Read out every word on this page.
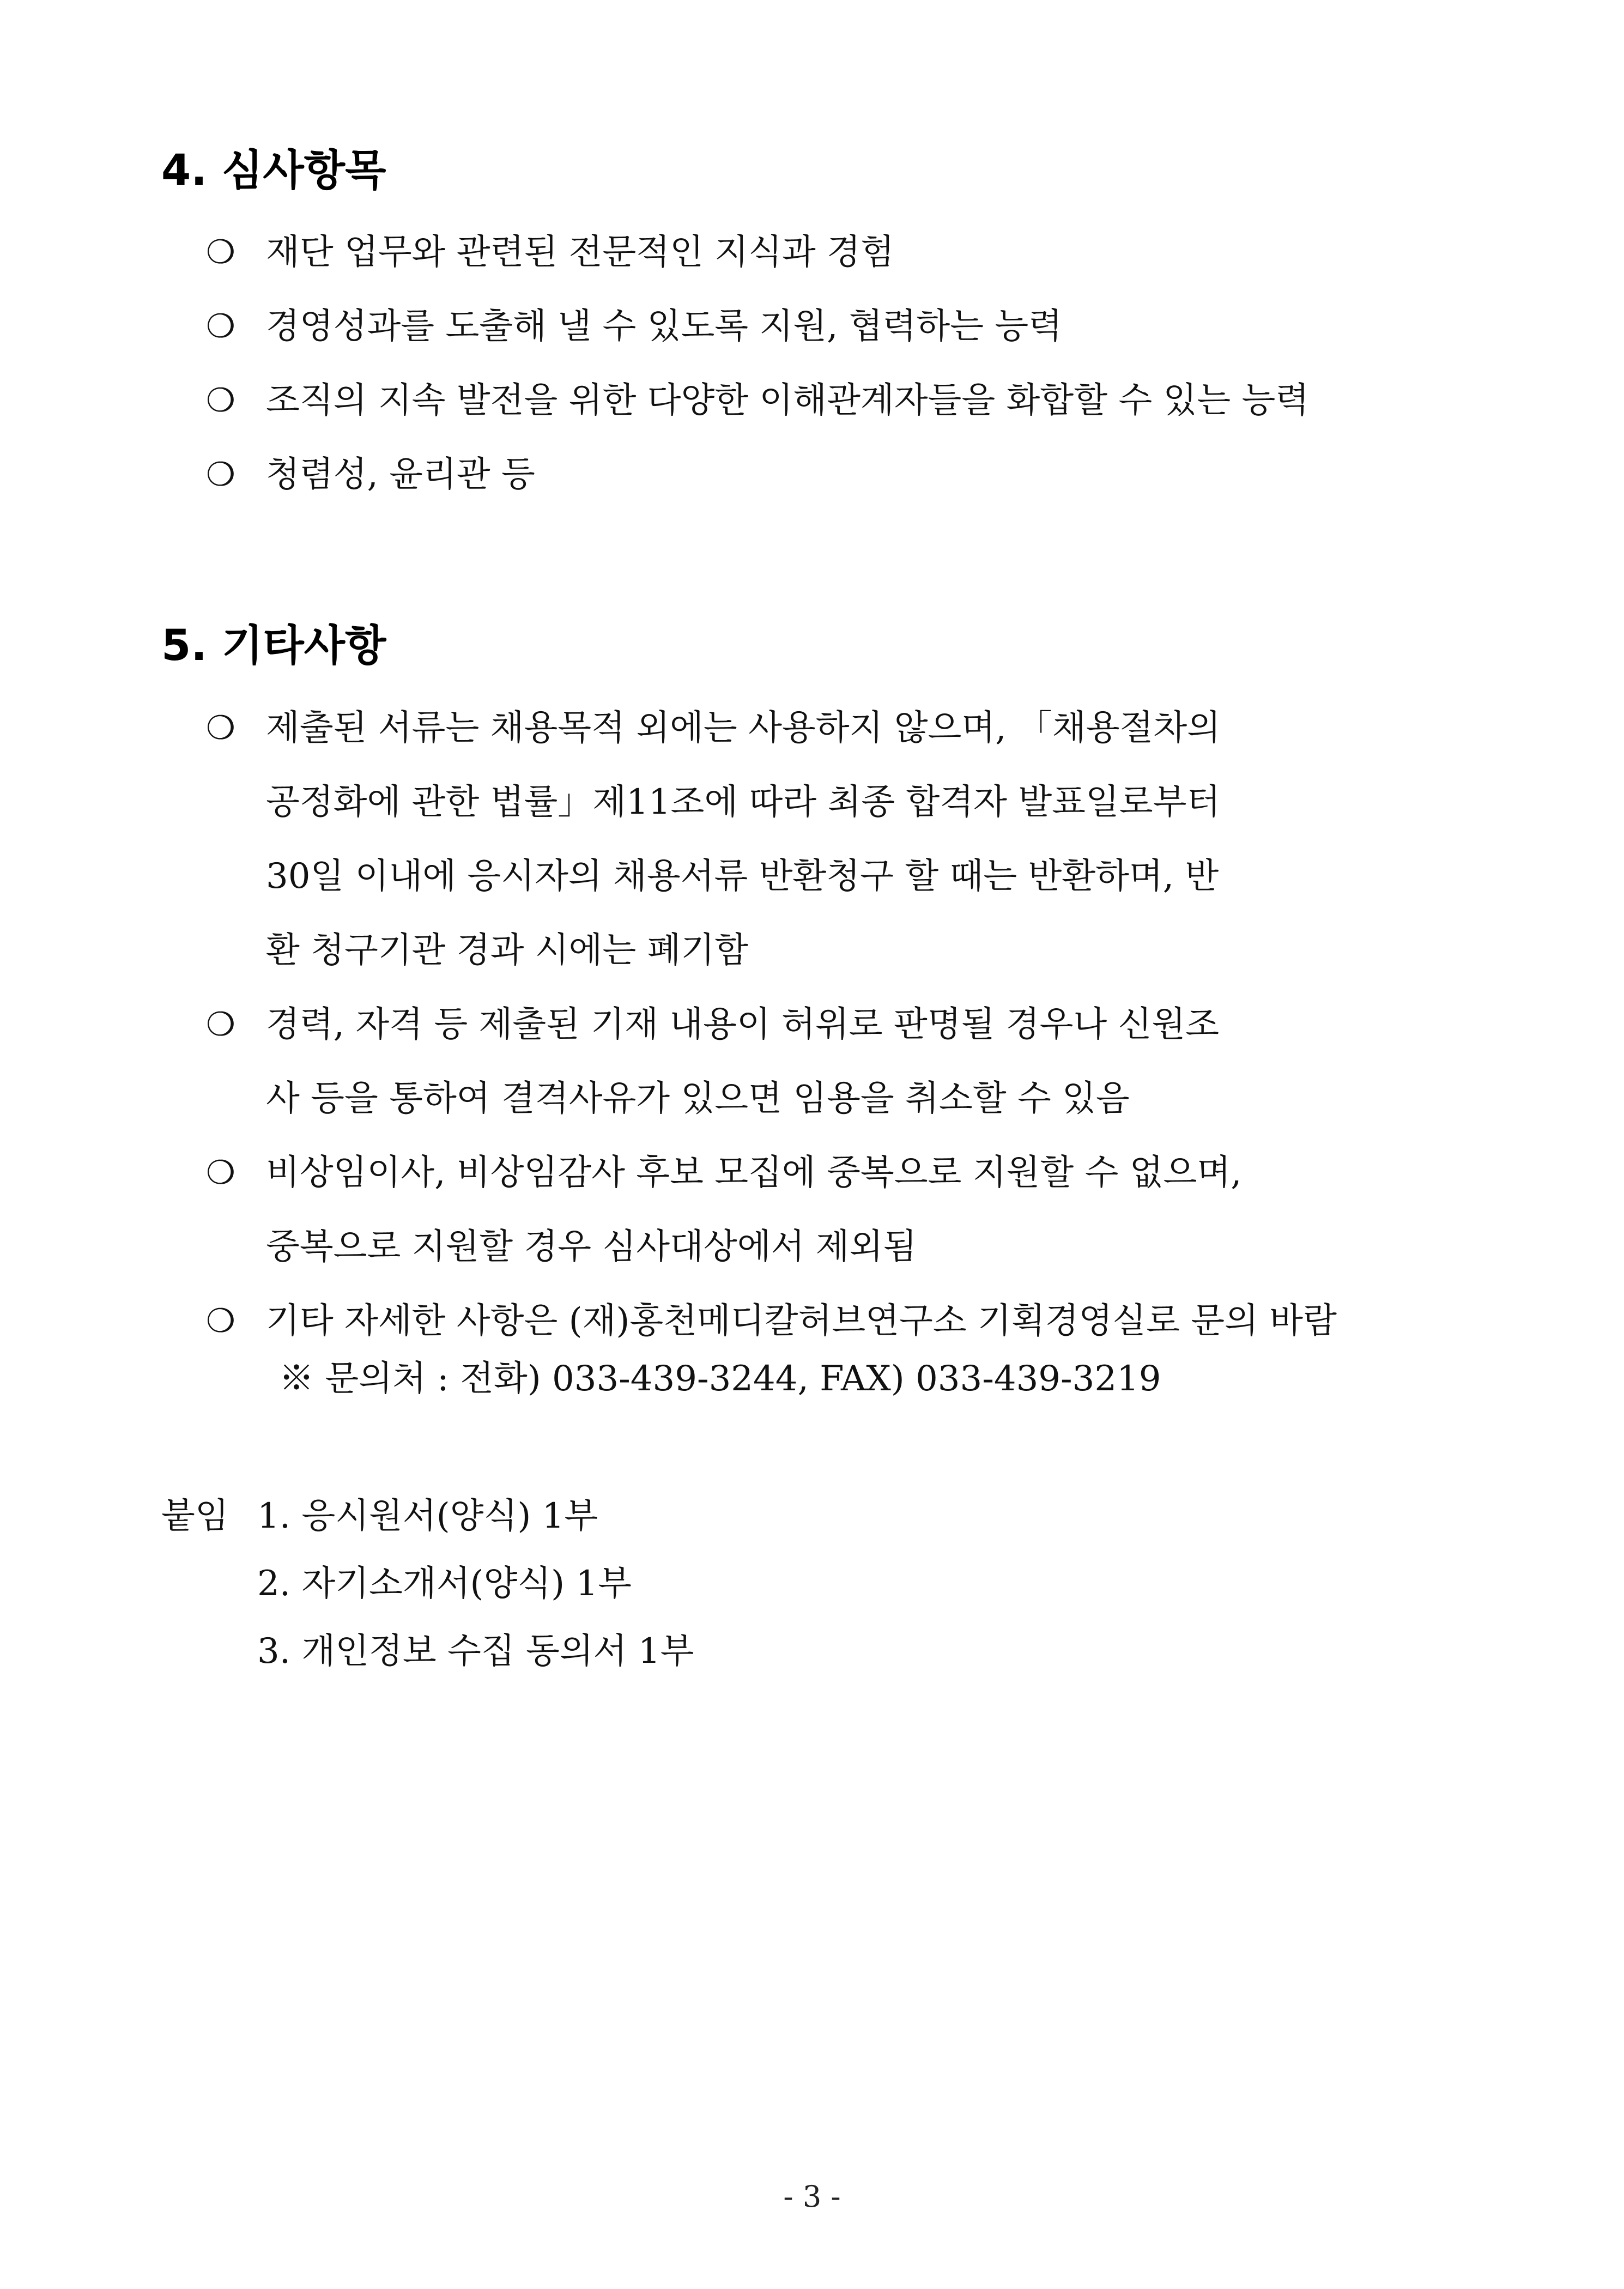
4. 심사항목
❍ 재단 업무와 관련된 전문적인 지식과 경험
❍ 경영성과를 도출해 낼 수 있도록 지원, 협력하는 능력
❍ 조직의 지속 발전을 위한 다양한 이해관계자들을 화합할 수 있는 능력
❍ 청렴성, 윤리관 등
5. 기타사항
❍ 제출된 서류는 채용목적 외에는 사용하지 않으며, 「채용절차의
공정화에 관한 법률」제11조에 따라 최종 합격자 발표일로부터
30일 이내에 응시자의 채용서류 반환청구 할 때는 반환하며, 반
환 청구기관 경과 시에는 폐기함
❍ 경력, 자격 등 제출된 기재 내용이 허위로 판명될 경우나 신원조
사 등을 통하여 결격사유가 있으면 임용을 취소할 수 있음
❍ 비상임이사, 비상임감사 후보 모집에 중복으로 지원할 수 없으며,
중복으로 지원할 경우 심사대상에서 제외됨
❍ 기타 자세한 사항은 (재)홍천메디칼허브연구소 기획경영실로 문의 바람
※ 문의처 : 전화) 033-439-3244, FAX) 033-439-3219
붙임 1. 응시원서(양식) 1부
2. 자기소개서(양식) 1부
3. 개인정보 수집 동의서 1부
- 3 -
